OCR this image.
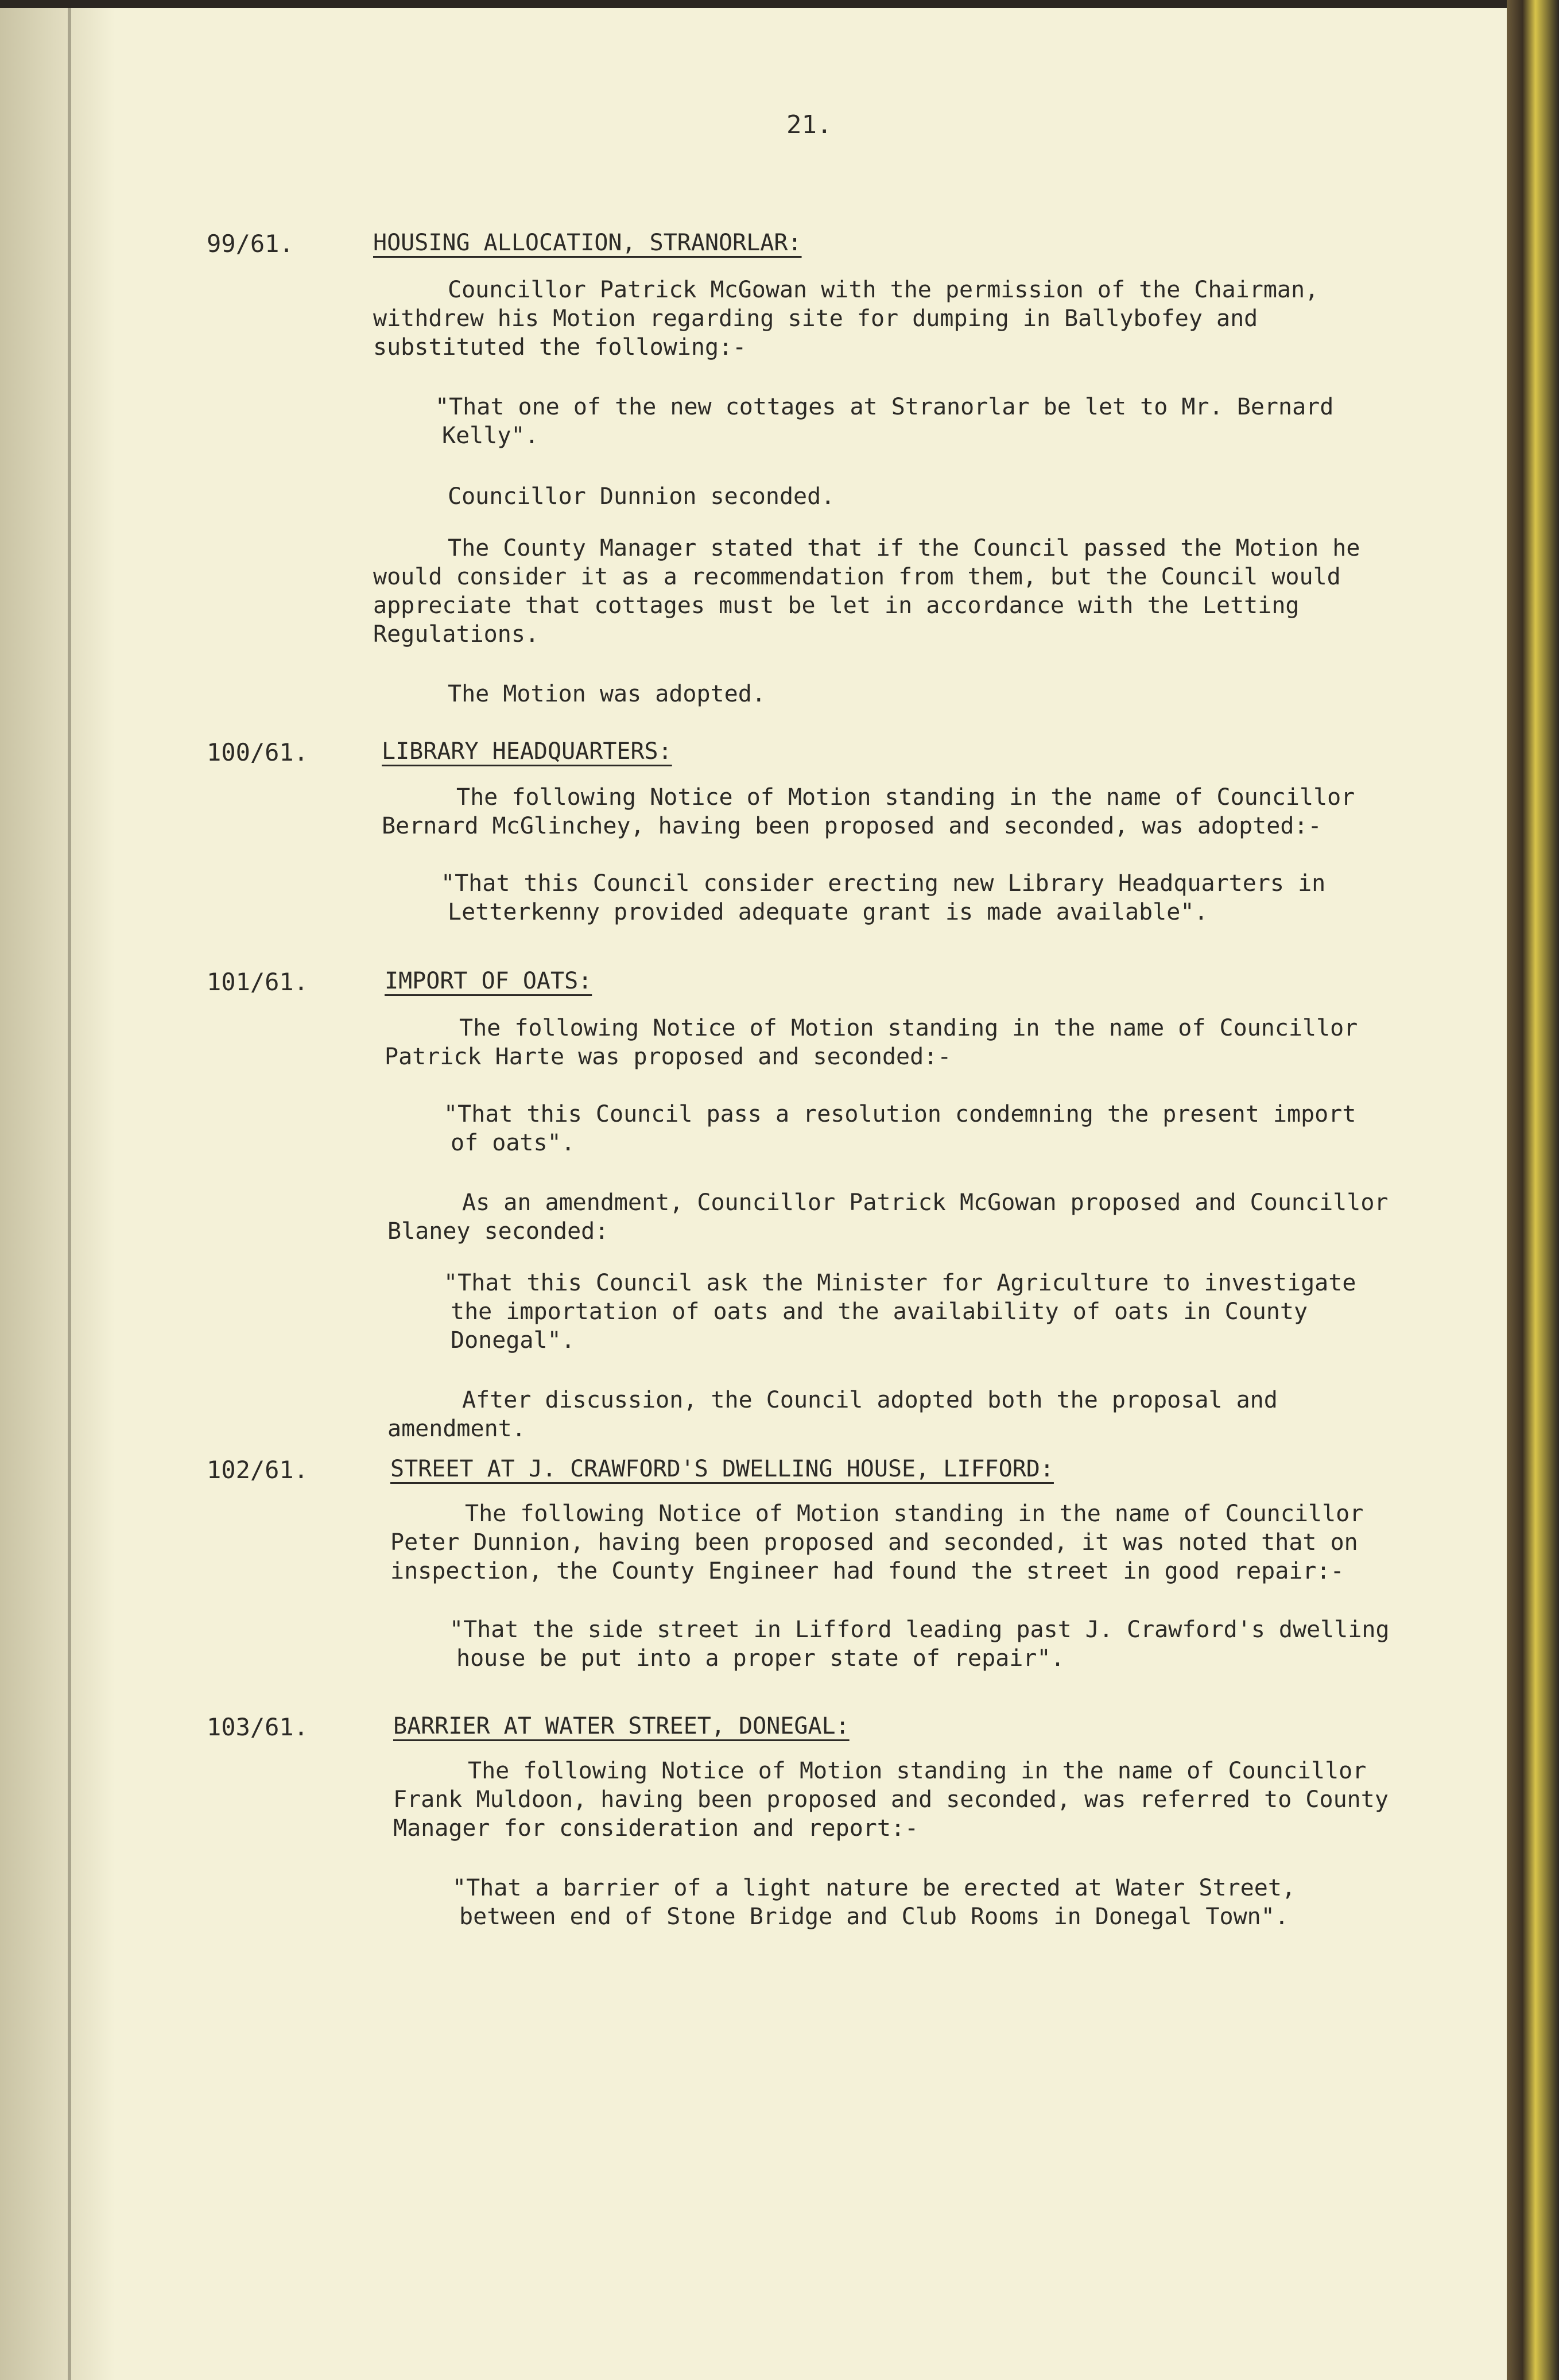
21.
99/61.	HOUSING ALLOCATION, STRANORLAR:

Councillor Patrick McGowan with the permission of the Chairman, withdrew his Motion regarding site for dumping in Ballybofey and substituted the following:-

"That one of the new cottages at Stranorlar be let to Mr. Bernard Kelly".

Councillor Dunnion seconded.

The County Manager stated that if the Council passed the Motion he would consider it as a recommendation from them, but the Council would appreciate that cottages must be let in accordance with the Letting Regulations.

The Motion was adopted.

100/61.	LIBRARY HEADQUARTERS:

The following Notice of Motion standing in the name of Councillor Bernard McGlinchey, having been proposed and seconded, was adopted:-

"That this Council consider erecting new Library Headquarters in Letterkenny provided adequate grant is made available".

101/61.	IMPORT OF OATS:

The following Notice of Motion standing in the name of Councillor Patrick Harte was proposed and seconded:-

"That this Council pass a resolution condemning the present import of oats".

As an amendment, Councillor Patrick McGowan proposed and Councillor Blaney seconded:

"That this Council ask the Minister for Agriculture to investigate the importation of oats and the availability of oats in County Donegal".

After discussion, the Council adopted both the proposal and amendment.

102/61.	STREET AT J. CRAWFORD'S DWELLING HOUSE, LIFFORD:

The following Notice of Motion standing in the name of Councillor Peter Dunnion, having been proposed and seconded, it was noted that on inspection, the County Engineer had found the street in good repair:-

"That the side street in Lifford leading past J. Crawford's dwelling house be put into a proper state of repair".

103/61.	BARRIER AT WATER STREET, DONEGAL:

The following Notice of Motion standing in the name of Councillor Frank Muldoon, having been proposed and seconded, was referred to County Manager for consideration and report:-

"That a barrier of a light nature be erected at Water Street, between end of Stone Bridge and Club Rooms in Donegal Town".
